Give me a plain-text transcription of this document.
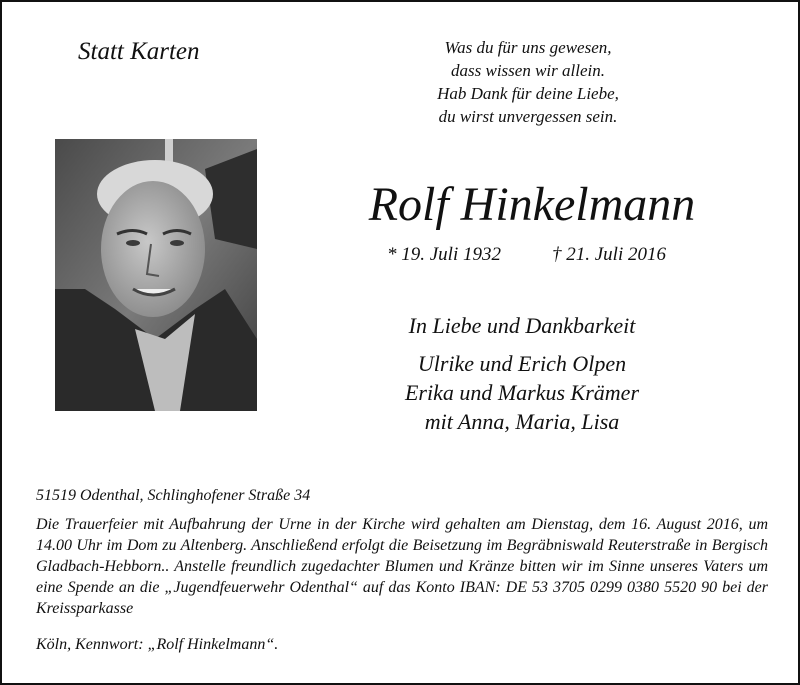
Statt Karten	Was du für uns gewesen,
dass wissen wir allein.
Hab Dank für deine Liebe,
du wirst unvergessen sein.
Rolf Hinkelmann
* 19. Juli 1932	† 21. Juli 2016
In Liebe und Dankbarkeit
Ulrike und Erich Olpen
Erika und Markus Krämer
mit Anna, Maria, Lisa
51519 Odenthal, Schlinghofener Straße 34
Die Trauerfeier mit Aufbahrung der Urne in der Kirche wird gehalten am Dienstag, dem 16. August 2016, um 14.00 Uhr im Dom zu Altenberg. Anschließend erfolgt die Beisetzung im Begräbniswald Reuterstraße in Bergisch Gladbach-Hebborn.. Anstelle freundlich zugedachter Blumen und Kränze bitten wir im Sinne unseres Vaters um eine Spende an die „Jugendfeuerwehr Odenthal“ auf das Konto IBAN: DE 53 3705 0299 0380 5520 90 bei der Kreissparkasse
Köln, Kennwort: „Rolf Hinkelmann“.
